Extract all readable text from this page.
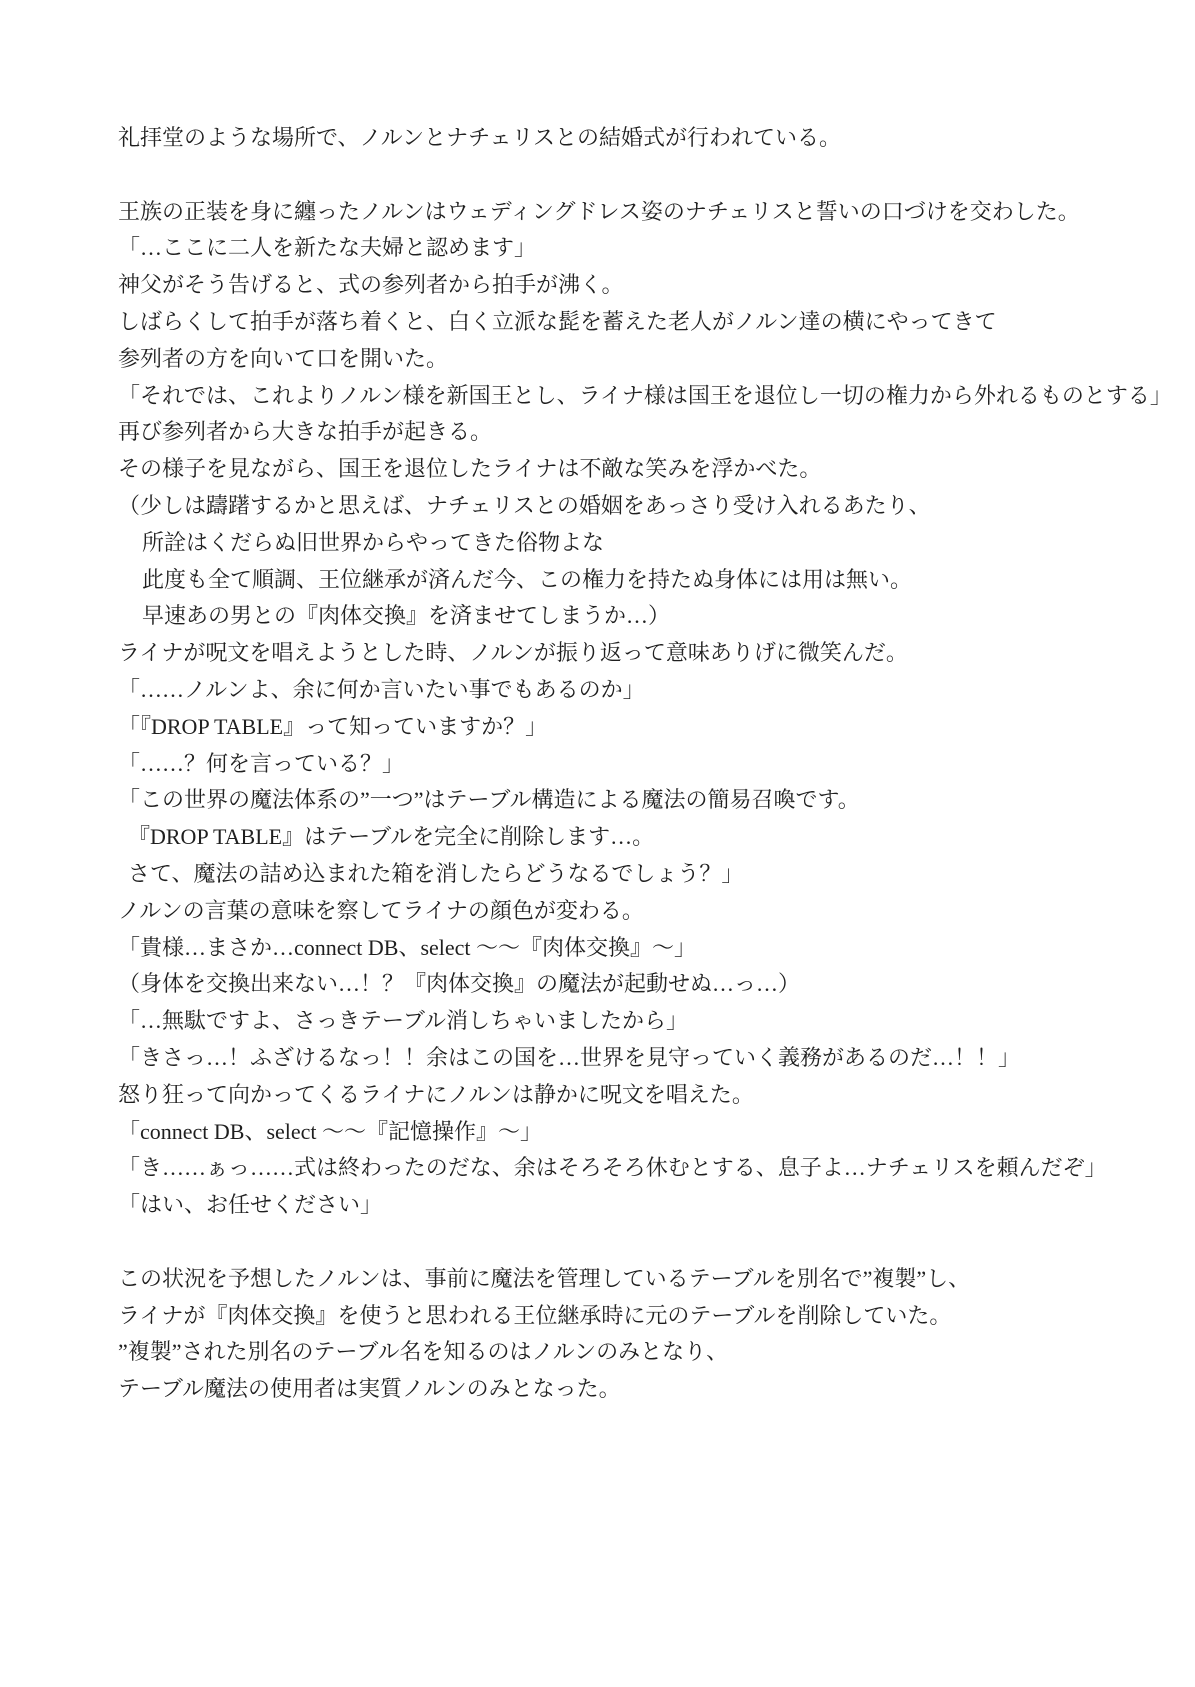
礼拝堂のような場所で、ノルンとナチェリスとの結婚式が行われている。
王族の正装を身に纏ったノルンはウェディングドレス姿のナチェリスと誓いの口づけを交わした。
「…ここに二人を新たな夫婦と認めます」
神父がそう告げると、式の参列者から拍手が沸く。
しばらくして拍手が落ち着くと、白く立派な髭を蓄えた老人がノルン達の横にやってきて
参列者の方を向いて口を開いた。
「それでは、これよりノルン様を新国王とし、ライナ様は国王を退位し一切の権力から外れるものとする」
再び参列者から大きな拍手が起きる。
その様子を見ながら、国王を退位したライナは不敵な笑みを浮かべた。
（少しは躊躇するかと思えば、ナチェリスとの婚姻をあっさり受け入れるあたり、
所詮はくだらぬ旧世界からやってきた俗物よな
此度も全て順調、王位継承が済んだ今、この権力を持たぬ身体には用は無い。
早速あの男との『肉体交換』を済ませてしまうか…）
ライナが呪文を唱えようとした時、ノルンが振り返って意味ありげに微笑んだ。
「……ノルンよ、余に何か言いたい事でもあるのか」
「『DROP TABLE』って知っていますか？」
「……？何を言っている？」
「この世界の魔法体系の”一つ”はテーブル構造による魔法の簡易召喚です。
『DROP TABLE』はテーブルを完全に削除します…。
さて、魔法の詰め込まれた箱を消したらどうなるでしょう？」
ノルンの言葉の意味を察してライナの顔色が変わる。
「貴様…まさか…connect DB、select ～～『肉体交換』～」
（身体を交換出来ない…！？『肉体交換』の魔法が起動せぬ…っ…）
「…無駄ですよ、さっきテーブル消しちゃいましたから」
「きさっ…！ふざけるなっ！！余はこの国を…世界を見守っていく義務があるのだ…！！」
怒り狂って向かってくるライナにノルンは静かに呪文を唱えた。
「connect DB、select ～～『記憶操作』～」
「き……ぁっ……式は終わったのだな、余はそろそろ休むとする、息子よ…ナチェリスを頼んだぞ」
「はい、お任せください」
この状況を予想したノルンは、事前に魔法を管理しているテーブルを別名で”複製”し、
ライナが『肉体交換』を使うと思われる王位継承時に元のテーブルを削除していた。
”複製”された別名のテーブル名を知るのはノルンのみとなり、
テーブル魔法の使用者は実質ノルンのみとなった。
